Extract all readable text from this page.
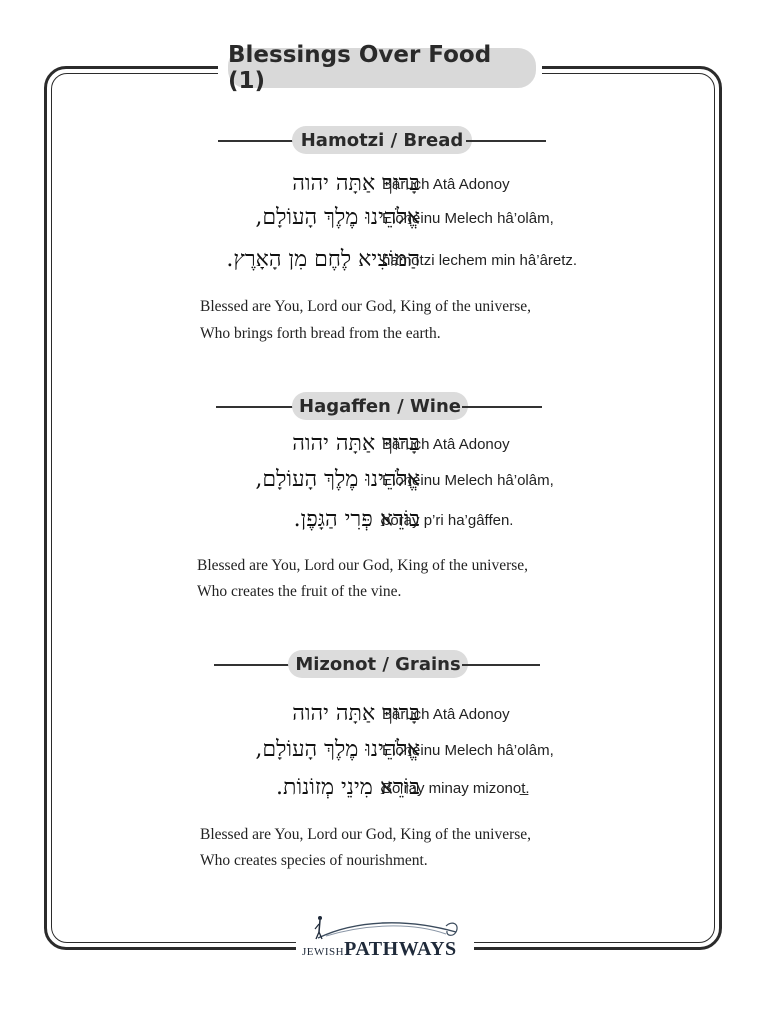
Blessings Over Food (1)
Hamotzi / Bread
בָּרוּךְ אַתָּה יהוה
Bâruch Atâ Adonoy
אֱלֹהֵינוּ מֶלֶךְ הָעוֹלָם,
Eloheinu Melech hâ’olâm,
הַמּוֹצִיא לֶחֶם מִן הָאָרֶץ.
hamotzi lechem min hâ’âretz.
Blessed are You, Lord our God, King of the universe,
Who brings forth bread from the earth.
Hagaffen / Wine
בָּרוּךְ אַתָּה יהוה
Bâruch Atâ Adonoy
אֱלֹהֵינוּ מֶלֶךְ הָעוֹלָם,
Eloheinu Melech hâ’olâm,
בּוֹרֵא פְּרִי הַגָּפֶן.
boray p’ri ha’gâffen.
Blessed are You, Lord our God, King of the universe,
Who creates the fruit of the vine.
Mizonot / Grains
בָּרוּךְ אַתָּה יהוה
Bâruch Atâ Adonoy
אֱלֹהֵינוּ מֶלֶךְ הָעוֹלָם,
Eloheinu Melech hâ’olâm,
בּוֹרֵא מִינֵי מְזוֹנוֹת.
Bo’ray minay mizonot̲.
Blessed are You, Lord our God, King of the universe,
Who creates species of nourishment.
JEWISHPATHWAYS
